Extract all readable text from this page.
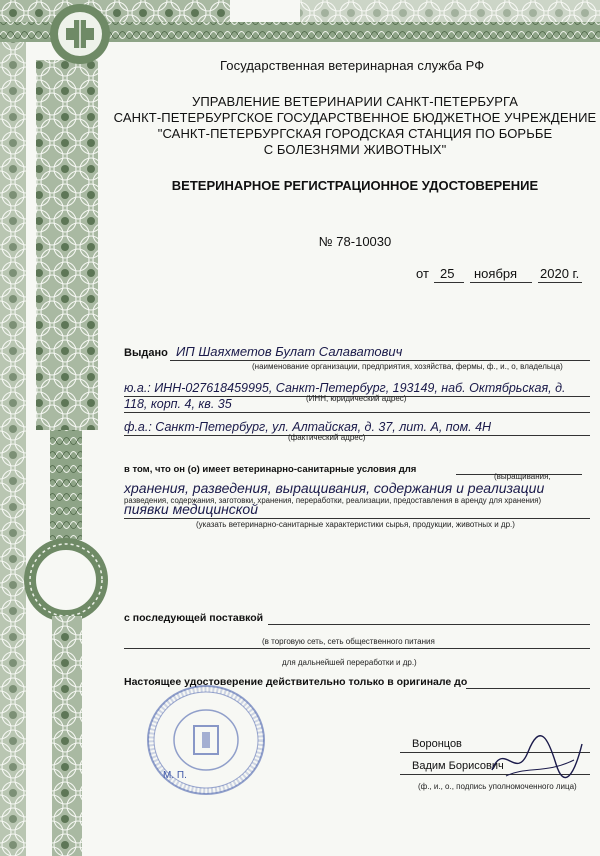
Государственная ветеринарная служба РФ
УПРАВЛЕНИЕ ВЕТЕРИНАРИИ САНКТ-ПЕТЕРБУРГА
САНКТ-ПЕТЕРБУРГСКОЕ ГОСУДАРСТВЕННОЕ БЮДЖЕТНОЕ УЧРЕЖДЕНИЕ
"САНКТ-ПЕТЕРБУРГСКАЯ ГОРОДСКАЯ СТАНЦИЯ ПО БОРЬБЕ
С БОЛЕЗНЯМИ ЖИВОТНЫХ"
ВЕТЕРИНАРНОЕ РЕГИСТРАЦИОННОЕ УДОСТОВЕРЕНИЕ
№ 78-10030
от 25 ноября 2020 г.
Выдано ИП Шаяхметов Булат Салаватович
(наименование организации, предприятия, хозяйства, фермы, ф., и., о, владельца)
ю.а.: ИНН-027618459995, Санкт-Петербург, 193149, наб. Октябрьская, д.
118, корп. 4, кв. 35	(ИНН, юридический адрес)
ф.а.: Санкт-Петербург, ул. Алтайская, д. 37, лит. А, пом. 4Н
(фактический адрес)
в том, что он (о) имеет ветеринарно-санитарные условия для
(выращивания,
хранения, разведения, выращивания, содержания и реализации
разведения, содержания, заготовки, хранения, переработки, реализации, предоставления в аренду для хранения)
пиявки медицинской
(указать ветеринарно-санитарные характеристики сырья, продукции, животных и др.)
с последующей поставкой
(в торговую сеть, сеть общественного питания
для дальнейшей переработки и др.)
Настоящее удостоверение действительно только в оригинале до
М. П.
Воронцов
Вадим Борисович
(ф., и., о., подпись уполномоченного лица)
